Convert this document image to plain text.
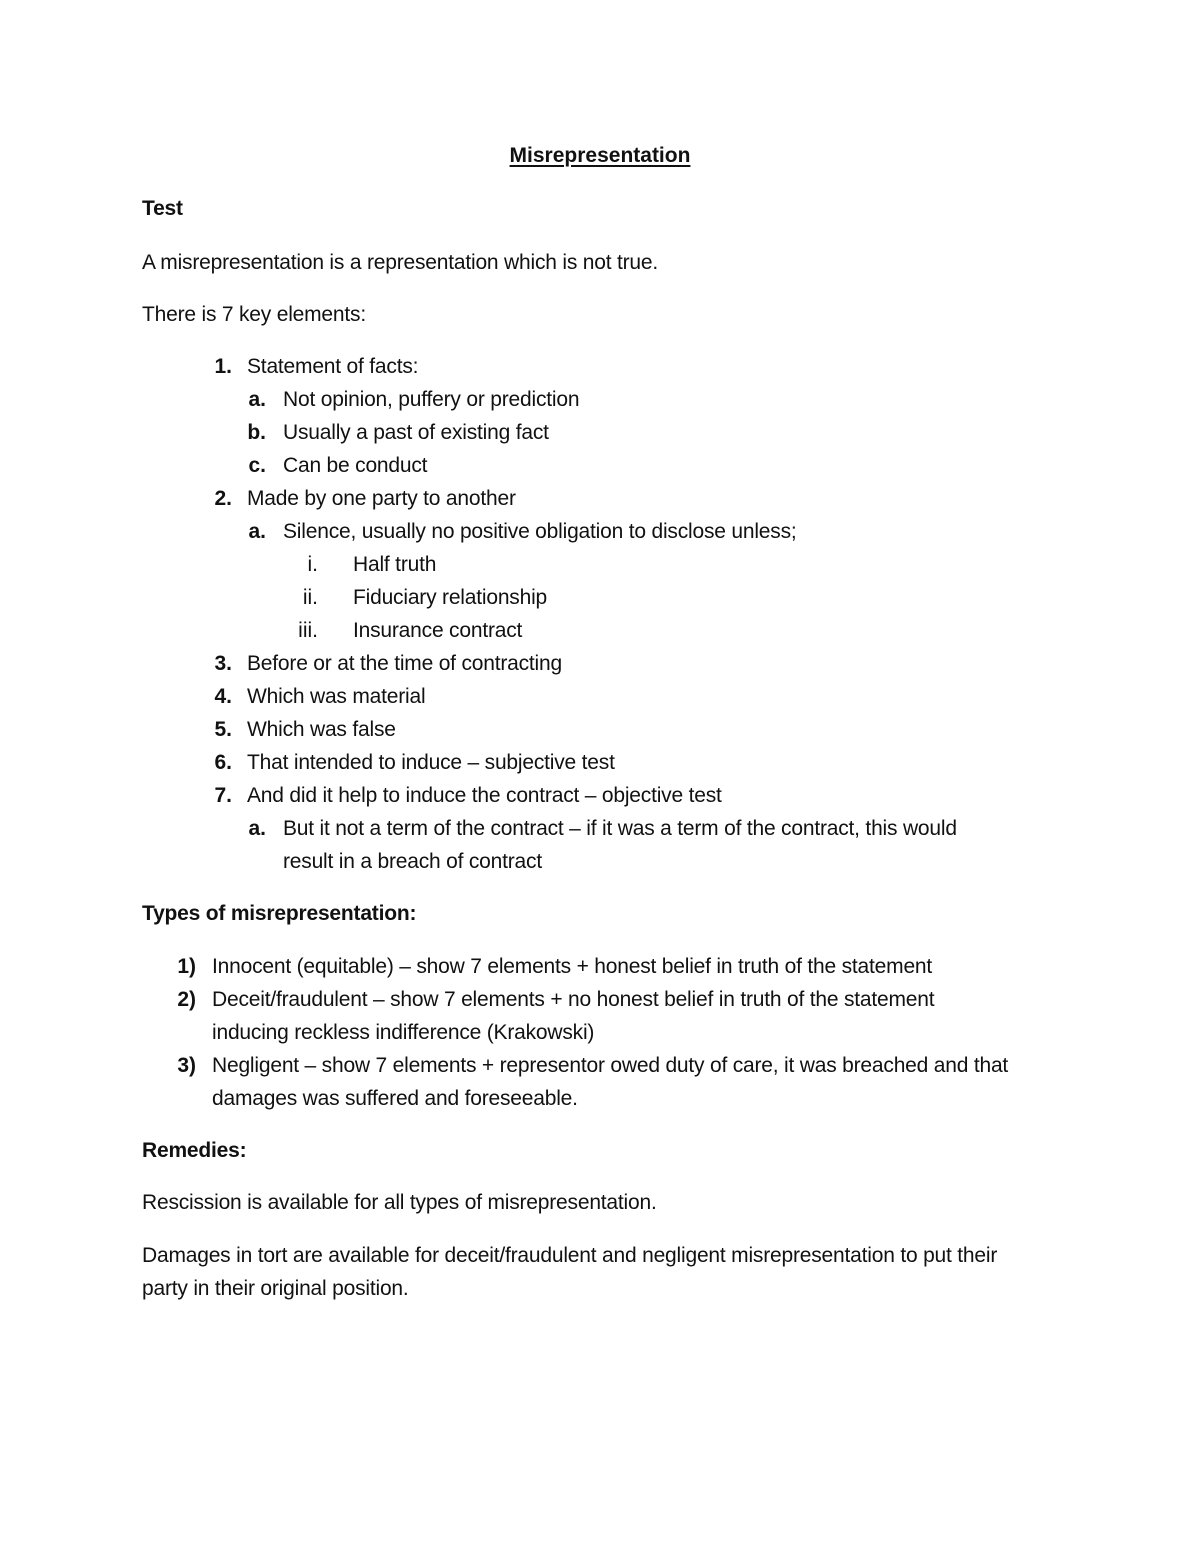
Misrepresentation
Test
A misrepresentation is a representation which is not true.
There is 7 key elements:
1. Statement of facts:
a. Not opinion, puffery or prediction
b. Usually a past of existing fact
c. Can be conduct
2. Made by one party to another
a. Silence, usually no positive obligation to disclose unless;
i. Half truth
ii. Fiduciary relationship
iii. Insurance contract
3. Before or at the time of contracting
4. Which was material
5. Which was false
6. That intended to induce – subjective test
7. And did it help to induce the contract – objective test
a. But it not a term of the contract – if it was a term of the contract, this would
result in a breach of contract
Types of misrepresentation:
1) Innocent (equitable) – show 7 elements + honest belief in truth of the statement
2) Deceit/fraudulent – show 7 elements + no honest belief in truth of the statement
inducing reckless indifference (Krakowski)
3) Negligent – show 7 elements + representor owed duty of care, it was breached and that
damages was suffered and foreseeable.
Remedies:
Rescission is available for all types of misrepresentation.
Damages in tort are available for deceit/fraudulent and negligent misrepresentation to put their
party in their original position.
